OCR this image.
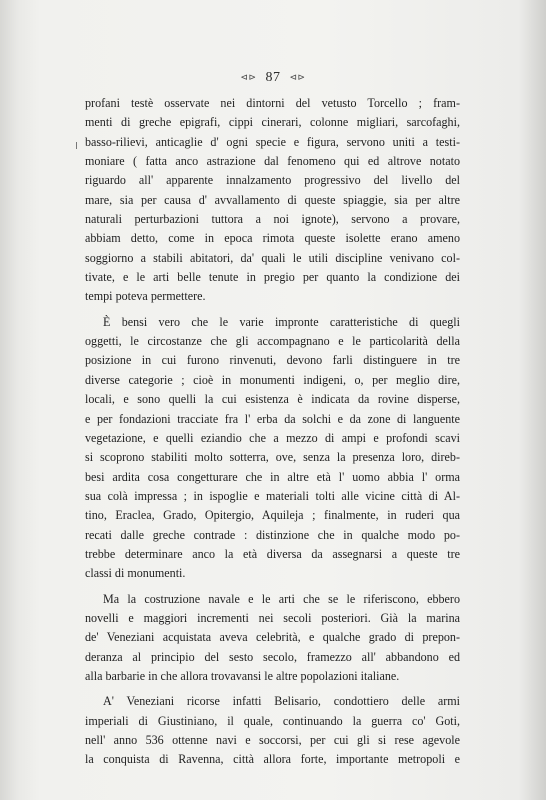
⊲⊳ 87 ⊲⊳

profani testè osservate nei dintorni del vetusto Torcello ; fram-
menti di greche epigrafi, cippi cinerari, colonne migliari, sarcofaghi,
basso-rilievi, anticaglie d' ogni specie e figura, servono uniti a testi-
moniare ( fatta anco astrazione dal fenomeno qui ed altrove notato
riguardo all' apparente innalzamento progressivo del livello del
mare, sia per causa d' avvallamento di queste spiaggie, sia per altre
naturali perturbazioni tuttora a noi ignote), servono a provare,
abbiam detto, come in epoca rimota queste isolette erano ameno
soggiorno a stabili abitatori, da' quali le utili discipline venivano col-
tivate, e le arti belle tenute in pregio per quanto la condizione dei
tempi poteva permettere.

È bensi vero che le varie impronte caratteristiche di quegli
oggetti, le circostanze che gli accompagnano e le particolarità della
posizione in cui furono rinvenuti, devono farli distinguere in tre
diverse categorie ; cioè in monumenti indigeni, o, per meglio dire,
locali, e sono quelli la cui esistenza è indicata da rovine disperse,
e per fondazioni tracciate fra l' erba da solchi e da zone di languente
vegetazione, e quelli eziandio che a mezzo di ampi e profondi scavi
si scoprono stabiliti molto sotterra, ove, senza la presenza loro, direb-
besi ardita cosa congetturare che in altre età l' uomo abbia l' orma
sua colà impressa ; in ispoglie e materiali tolti alle vicine città di Al-
tino, Eraclea, Grado, Opitergio, Aquileja ; finalmente, in ruderi qua
recati dalle greche contrade : distinzione che in qualche modo po-
trebbe determinare anco la età diversa da assegnarsi a queste tre
classi di monumenti.

Ma la costruzione navale e le arti che se le riferiscono, ebbero
novelli e maggiori incrementi nei secoli posteriori. Già la marina
de' Veneziani acquistata aveva celebrità, e qualche grado di prepon-
deranza al principio del sesto secolo, framezzo all' abbandono ed
alla barbarie in che allora trovavansi le altre popolazioni italiane.

A' Veneziani ricorse infatti Belisario, condottiero delle armi
imperiali di Giustiniano, il quale, continuando la guerra co' Goti,
nell' anno 536 ottenne navi e soccorsi, per cui gli si rese agevole
la conquista di Ravenna, città allora forte, importante metropoli e
